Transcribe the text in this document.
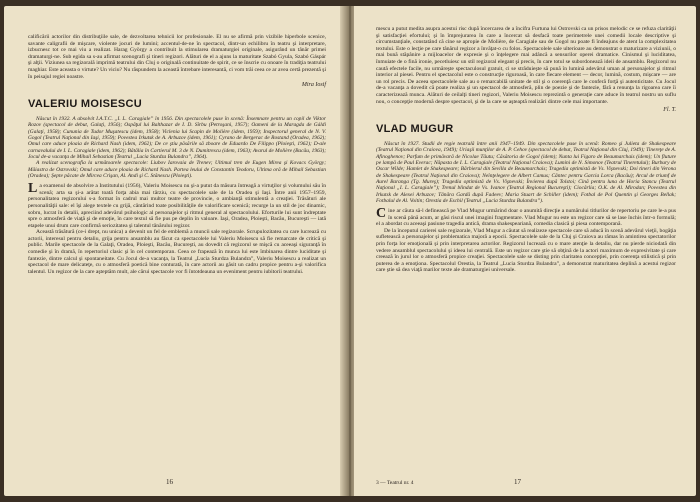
calificării actorilor din distribuţiile sale, de dezvoltarea tehnicii lor profesionale. El nu se afirmă prin vizibile hiperbole scenice, savante caligrafii de mişcare, violente jocuri de lumini; accentul-de-ne în spectacol, dintr-un echilibru în teatru şi interpretare, izbucnesc tot ce mai viu a realizat. Harag György a contribuit la stimularea dramaturgiei originale, asigurând un tânăr primei dramaturgi-ne. Sub egida sa s-au afirmat scenografi şi tineri regizori. Alături de el a ajuns la maturitate Szabó Gyula, Szabó Gáspár şi alţii. Viziunea sa regizorală imprimă teatrului din Cluj o originală continuitate de spirit, ce se înscrie cu onoare în tradiţia teatrului maghiar. Este aceasta o virtute? Un viciu? Nu răspundem la această întrebare interesantă, ci vom trăi ceea ce ar avea certă prezentă şi în peisajul regiei noastre.

Mira Iosif
VALERIU MOISESCU

Născut în 1932. A absolvit I.A.T.C. „I. L. Caragiale” în 1956. Din spectacolele puse în scenă: Însemnare pentru un copil de Viktor Rozov (spectacol de debut, Galaţi, 1956); Ospăţul lui Balthazar de I. D. Sîrbu (Petroşani, 1957); Oameni de la Maragda de Gáldi (Galaţi, 1958); Cununia de Tudor Muşatescu (idem, 1958); Viclenia lui Scapin de Molière (idem, 1959); Inspectorul general de N. V. Gogol (Teatrul Naţional din Iaşi, 1959); Povestea Irkutsk de A. Arbuzov (idem, 1961); Cyrano de Bergerac de Rostand (Oradea, 1962); Omul care aduce ploaia de Richard Nash (idem, 1962); De ce ştiu păsările să zboare de Eduardo De Filippo (Ploieşti, 1962); D-ale carnavalului de I. L. Caragiale (idem, 1962); Bătălia în Cartierul M. 3 de N. Dumitrescu (idem, 1963); Avarul de Molière (Bacău, 1963); Jocul de-a vacanţa de Mihail Sebastian (Teatrul „Lucia Sturdza Bulandra”, 1964).

A realizat scenografia la următoarele spectacole: Liubov Iarovaia de Trenev; Ultimul tren de Eugen Mirea şi Kovacs György; Măiastra de Ostrovski; Omul care aduce ploaia de Richard Nash. Partea leului de Constantin Teodoru, Ultima oră de Mihail Sebastian (Oradea); Șepte păcate de Mircea Crişan, Al. Andi şi C. Stănescu (Ploieşti).

La examenul de absolvire a Institutului (1956), Valeriu Moisescu nu şi-a putut da măsura întreagă a virtuţilor și volumului său în scenă; arta sa şi-a arătat toată forţa abia mai târziu, cu spectacolele sale de la Oradea şi Iaşi. Între anii 1957–1959, personalitatea regizorului s-a format în cadrul mai multor teatre de provincie, o ambianţă stimulentă a creaţiei. Trăsături ale personalităţii sale: el îşi alege textele cu grijă, cântărind toate posibilităţile de valorificare scenică; recurge la un stil de joc dinamic, sobru, lucrat în detalii, apreciind adevărul psihologic al personajelor şi ritmul general al spectacolului. Eforturile lui sunt îndreptate spre o atmosferă de viaţă şi de emoţie, în care textul să fie pus pe deplin în valoare. Iaşi, Oradea, Ploieşti, Bacău, Bucureşti — iată etapele unui drum care confirmă seriozitatea şi talentul tânărului regizor.

Această trăsătură (ce-i drept, nu unica) a devenit un fel de emblemă a muncii sale regizorale. Scrupulozitatea cu care lucrează cu actorii, interesul pentru detaliu, grija pentru ansamblu au făcut ca spectacolele lui Valeriu Moisescu să fie remarcate de critică şi public. Marile spectacole de la Galaţi, Oradea, Ploieşti, Bacău, Bucureşti, au dovedit că regizorul se mişcă cu aceeaşi siguranţă în comedie şi în dramă, în repertoriul clasic şi în cel contemporan. Ceea ce frapează în munca lui este îmbinarea dintre luciditate şi fantezie, dintre calcul şi spontaneitate. Cu Jocul de-a vacanţa, la Teatrul „Lucia Sturdza Bulandra”, Valeriu Moisescu a realizat un spectacol de mare delicateţe, cu o atmosferă poetică bine conturată, în care actorii au găsit un cadru propice pentru a-şi valorifica talentul. Un regizor de la care aşteptăm mult, ale cărui spectacole vor fi întotdeauna un eveniment pentru iubitorii teatrului.

16

mescu a putut medita asupra acestui risc după încercarea de a încifra Furtuna lui Ostrovski ca un prisos melodic ce se refuza clarităţii şi satisfacţiei efortului; şi în împrejurarea în care a încercat să desfacă toate perimetrele unei comedii locale descriptive şi circumstanţiale, constatând că cine se apropie de Molière, de Caragiale sau de Gogol nu poate fi îndeajuns de atent la complexitatea textului. Este o lecţie pe care tânărul regizor a învăţat-o cu folos. Spectacolele sale ulterioare au demonstrat o maturizare a viziunii, o mai bună stăpânire a mijloacelor de expresie şi o înţelegere mai adâncă a sensurilor operei dramatice. Cinismul şi luciditatea, înmuiate de o fină ironie, pecetluiesc un stil regizoral elegant şi precis, în care totul se subordonează ideii de ansamblu. Regizorul nu caută efectele facile, nu urmăreşte spectaculosul gratuit, ci se străduieşte să pună în lumină adevărul uman al personajelor şi ritmul interior al piesei. Pentru el spectacolul este o construcţie riguroasă, în care fiecare element — decor, lumină, costum, mişcare — are un rol precis. De aceea spectacolele sale au o remarcabilă unitate de stil şi o coerenţă care le conferă forţă şi autenticitate. Cu Jocul de-a vacanţa a dovedit că poate realiza şi un spectacol de atmosferă, plin de poezie şi de fantezie, fără a renunţa la rigoarea care îi caracterizează munca. Alături de ceilalţi tineri regizori, Valeriu Moisescu reprezintă o generaţie care aduce în teatrul nostru un suflu nou, o concepţie modernă despre spectacol, şi de la care se aşteaptă realizări dintre cele mai importante.

Fl. T.
VLAD MUGUR

Născut în 1927. Studii de regie teatrală între anii 1947–1949. Din spectacolele puse în scenă: Romeo şi Julieta de Shakespeare (Teatrul Naţional din Craiova, 1949); Uriaşii munţilor de A. P. Cehov (spectacol de debut, Teatrul Naţional din Cluj, 1949); Tinereţe de A. Afinoghenov; Parfum de primăvară de Nicolae Tăutu; Căsătoria de Gogol (idem); Nunta lui Figaro de Beaumarchais (idem); Un fluture pe lampă de Paul Everac; Năpasta de I. L. Caragiale (Teatrul Naţional Craiova); Lumini de N. Simonov (Teatrul Tineretului); Burbury de Oscar Wilde; Hamlet de Shakespeare; Bărbierul din Sevilla de Beaumarchais; Tragedia optimistă de Vs. Vişnevski; Doi tineri din Verona de Shakespeare (Teatrul Naţional din Craiova); Neînţelegere de Albert Camus; Cântec pentru Garcia Lorca (Bacău); Arcul de triumf de Aurel Baranga (Tg. Mureş); Tragedia optimistă de Vs. Vişnevski; Învierea după Tolstoi; Cină pentru luna de Horia Stancu (Teatrul Naţional „I. L. Caragiale”); Trenul blindat de Vs. Ivanov (Teatrul Regional Bucureşti); Ciocârlia; O.K. de Al. Mirodan; Povestea din Irkutsk de Alexei Arbuzov; Tânăra Gardă după Fadeev; Maria Stuart de Schiller (idem); Fotbal de Pol Quentin şi Georges Bellak; Fotbalul de Al. Voitin; Orestia de Eschil (Teatrul „Lucia Sturdza Bulandra”).

Cine ar căuta să-l definească pe Vlad Mugur urmărind doar o anumită direcţie a numărului titlurilor de repertoriu pe care le-a pus în scenă până acum, ar găsi riscul unei imagini fragmentare. Vlad Mugur nu este un regizor care să se lase închis într-o formulă; el a abordat cu aceeaşi pasiune tragedia antică, drama shakespeariană, comedia clasică şi piesa contemporană.

De la începutul carierei sale regizorale, Vlad Mugur a căutat să realizeze spectacole care să aducă în scenă adevărul vieţii, bogăţia sufletească a personajelor şi problematica majoră a epocii. Spectacolele sale de la Cluj şi Craiova au rămas în amintirea spectatorilor prin forţa lor emoţională şi prin interpretarea actorilor. Regizorul lucrează cu o mare atenţie la detaliu, dar nu pierde niciodată din vedere ansamblul spectacolului şi ideea lui centrală. Este un regizor care ştie să obţină de la actori maximum de expresivitate şi care creează în jurul lor o atmosferă propice creaţiei. Spectacolele sale se disting prin claritatea concepţiei, prin coerenţa stilistică şi prin puterea de a emoţiona. Spectacolul Orestia, la Teatrul „Lucia Sturdza Bulandra”, a demonstrat maturitatea deplină a acestui regizor care ştie să dea viaţă marilor texte ale dramaturgiei universale.

3 — Teatrul nr. 4	17
